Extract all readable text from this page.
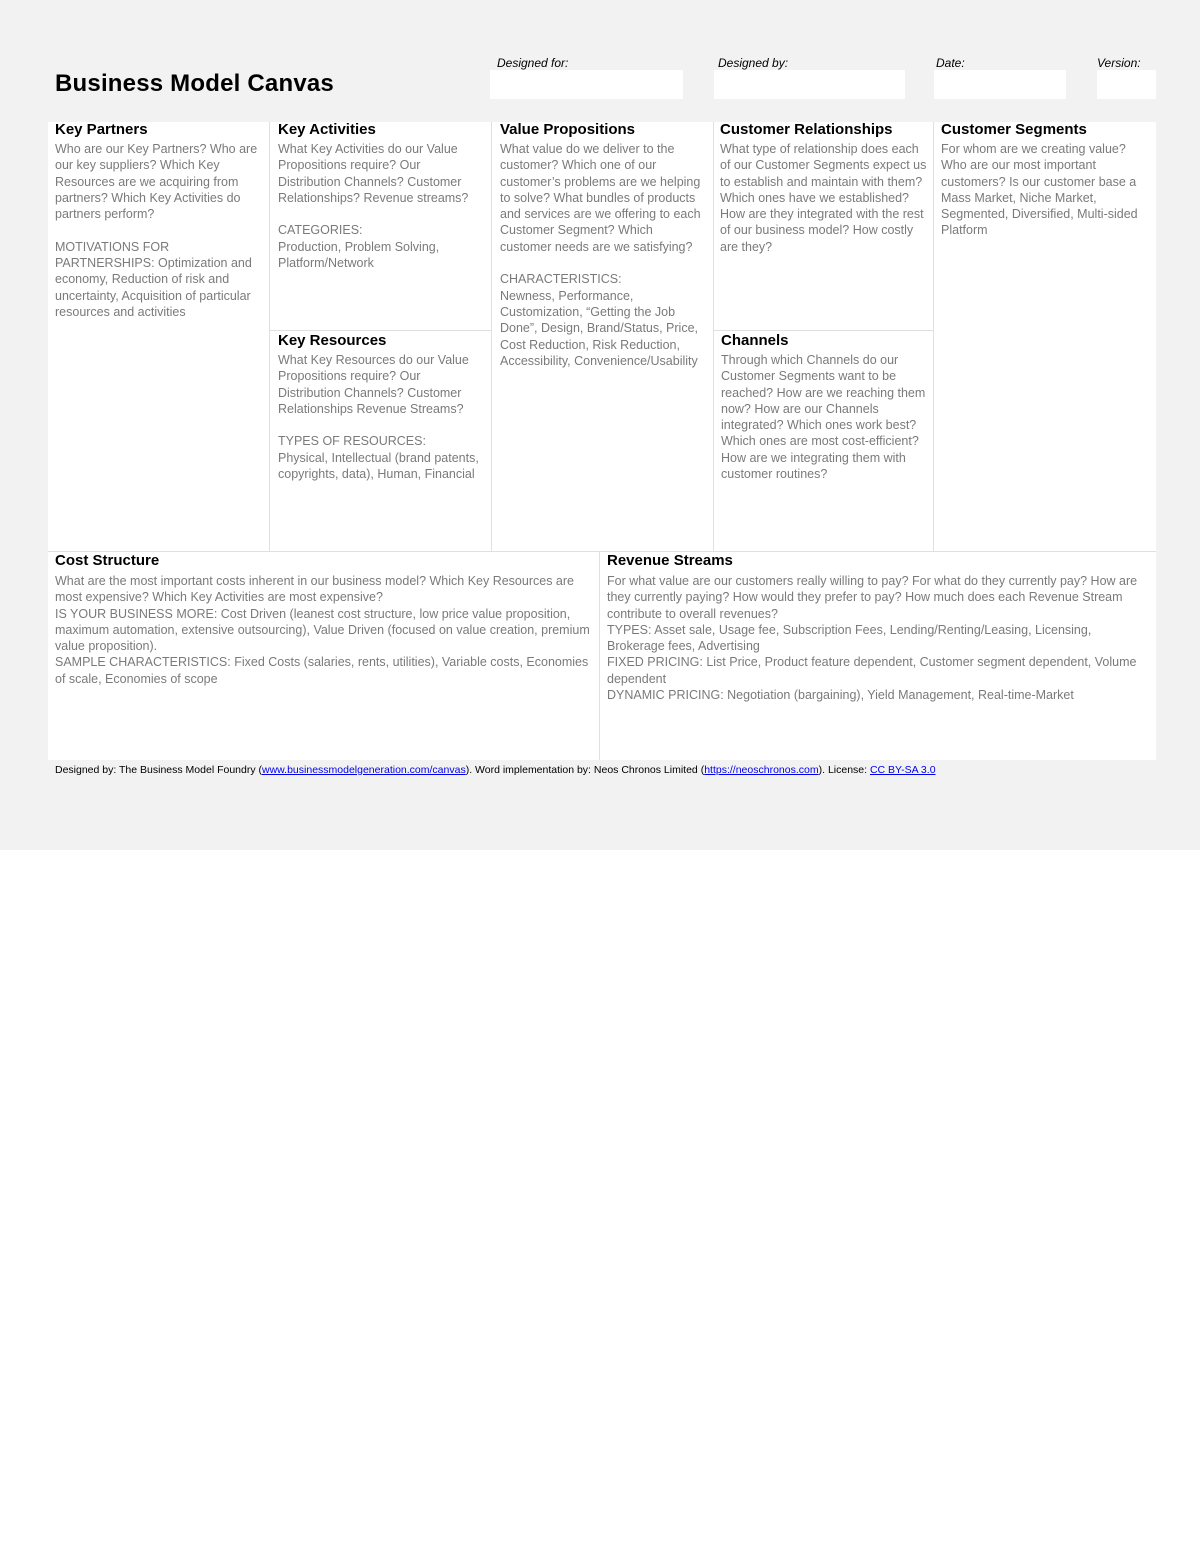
Business Model Canvas
Designed for:	Designed by:	Date:	Version:
Key Partners
Who are our Key Partners? Who are our key suppliers? Which Key Resources are we acquiring from partners? Which Key Activities do partners perform?

MOTIVATIONS FOR PARTNERSHIPS: Optimization and economy, Reduction of risk and uncertainty, Acquisition of particular resources and activities
Key Activities
What Key Activities do our Value Propositions require? Our Distribution Channels? Customer Relationships? Revenue streams?

CATEGORIES:
Production, Problem Solving, Platform/Network
Key Resources
What Key Resources do our Value Propositions require? Our Distribution Channels? Customer Relationships Revenue Streams?

TYPES OF RESOURCES:
Physical, Intellectual (brand patents, copyrights, data), Human, Financial
Value Propositions
What value do we deliver to the customer? Which one of our customer’s problems are we helping to solve? What bundles of products and services are we offering to each Customer Segment? Which customer needs are we satisfying?

CHARACTERISTICS:
Newness, Performance, Customization, “Getting the Job Done”, Design, Brand/Status, Price, Cost Reduction, Risk Reduction, Accessibility, Convenience/Usability
Customer Relationships
What type of relationship does each of our Customer Segments expect us to establish and maintain with them? Which ones have we established? How are they integrated with the rest of our business model? How costly are they?
Channels
Through which Channels do our Customer Segments want to be reached? How are we reaching them now? How are our Channels integrated? Which ones work best? Which ones are most cost-efficient? How are we integrating them with customer routines?
Customer Segments
For whom are we creating value? Who are our most important customers? Is our customer base a Mass Market, Niche Market, Segmented, Diversified, Multi-sided Platform
Cost Structure
What are the most important costs inherent in our business model? Which Key Resources are most expensive? Which Key Activities are most expensive?
IS YOUR BUSINESS MORE: Cost Driven (leanest cost structure, low price value proposition, maximum automation, extensive outsourcing), Value Driven (focused on value creation, premium value proposition).
SAMPLE CHARACTERISTICS: Fixed Costs (salaries, rents, utilities), Variable costs, Economies of scale, Economies of scope
Revenue Streams
For what value are our customers really willing to pay? For what do they currently pay? How are they currently paying? How would they prefer to pay? How much does each Revenue Stream contribute to overall revenues?
TYPES: Asset sale, Usage fee, Subscription Fees, Lending/Renting/Leasing, Licensing, Brokerage fees, Advertising
FIXED PRICING: List Price, Product feature dependent, Customer segment dependent, Volume dependent
DYNAMIC PRICING: Negotiation (bargaining), Yield Management, Real-time-Market
Designed by: The Business Model Foundry (www.businessmodelgeneration.com/canvas). Word implementation by: Neos Chronos Limited (https://neoschronos.com). License: CC BY-SA 3.0
